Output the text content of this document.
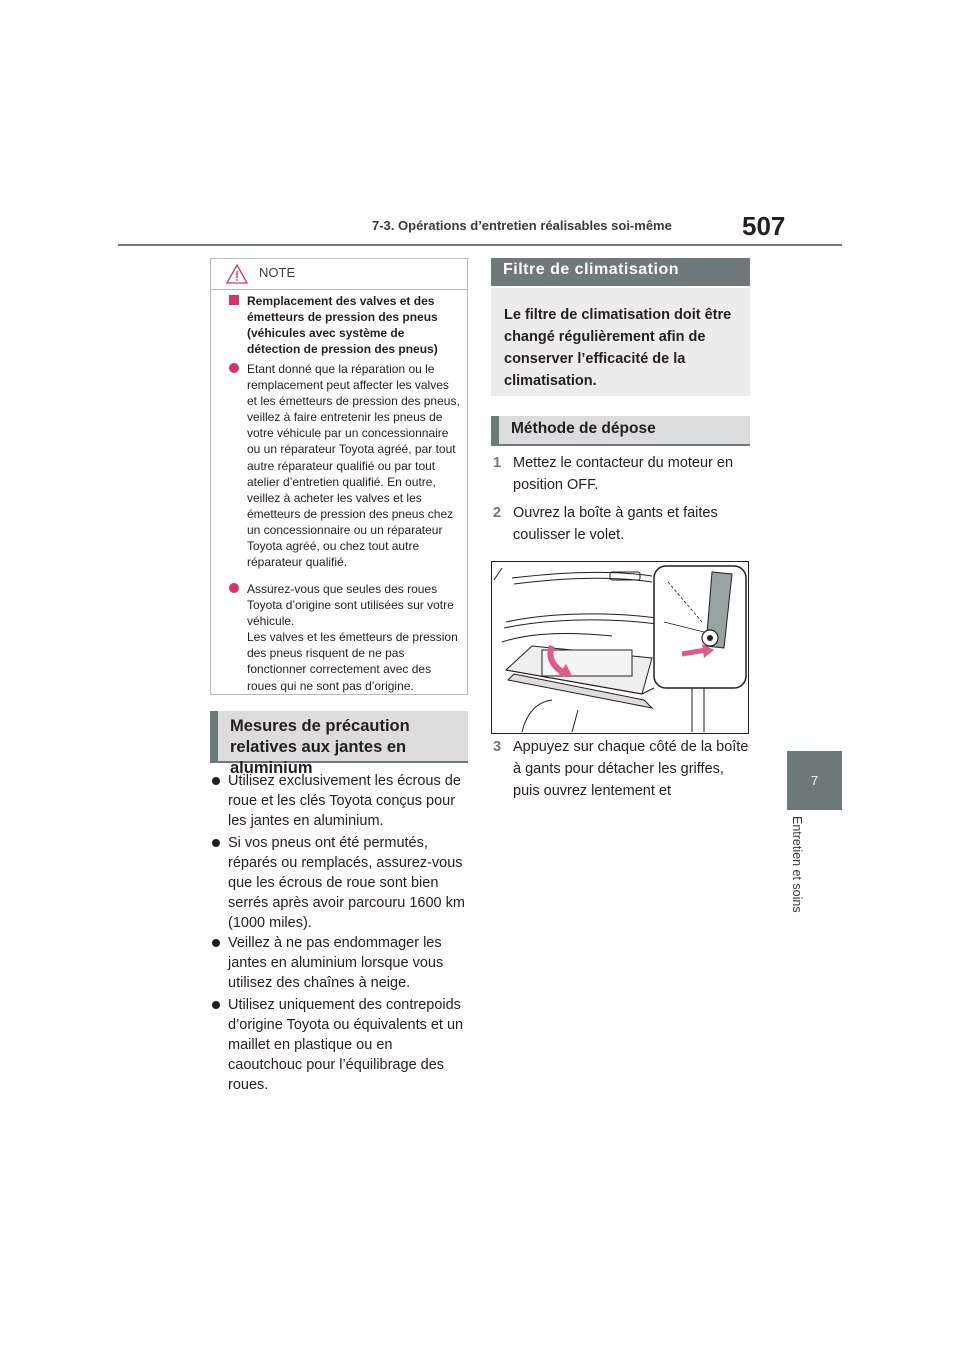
7-3. Opérations d’entretien réalisables soi-même	507
7
Entretien et soins
NOTE
Remplacement des valves et des émetteurs de pression des pneus (véhicules avec système de détection de pression des pneus)
Etant donné que la réparation ou le remplacement peut affecter les valves et les émetteurs de pression des pneus, veillez à faire entretenir les pneus de votre véhicule par un concessionnaire ou un réparateur Toyota agréé, par tout autre réparateur qualifié ou par tout atelier d’entretien qualifié. En outre, veillez à acheter les valves et les émetteurs de pression des pneus chez un concessionnaire ou un réparateur Toyota agréé, ou chez tout autre réparateur qualifié.
Assurez-vous que seules des roues Toyota d’origine sont utilisées sur votre véhicule.
Les valves et les émetteurs de pression des pneus risquent de ne pas fonctionner correctement avec des roues qui ne sont pas d’origine.
Mesures de précaution relatives aux jantes en aluminium
Utilisez exclusivement les écrous de roue et les clés Toyota conçus pour les jantes en aluminium.
Si vos pneus ont été permutés, réparés ou remplacés, assurez-vous que les écrous de roue sont bien serrés après avoir parcouru 1600 km (1000 miles).
Veillez à ne pas endommager les jantes en aluminium lorsque vous utilisez des chaînes à neige.
Utilisez uniquement des contrepoids d’origine Toyota ou équivalents et un maillet en plastique ou en caoutchouc pour l’équilibrage des roues.
Filtre de climatisation
Le filtre de climatisation doit être changé régulièrement afin de conserver l’efficacité de la climatisation.
Méthode de dépose
1 Mettez le contacteur du moteur en position OFF.
2 Ouvrez la boîte à gants et faites coulisser le volet.
3 Appuyez sur chaque côté de la boîte à gants pour détacher les griffes, puis ouvrez lentement et
